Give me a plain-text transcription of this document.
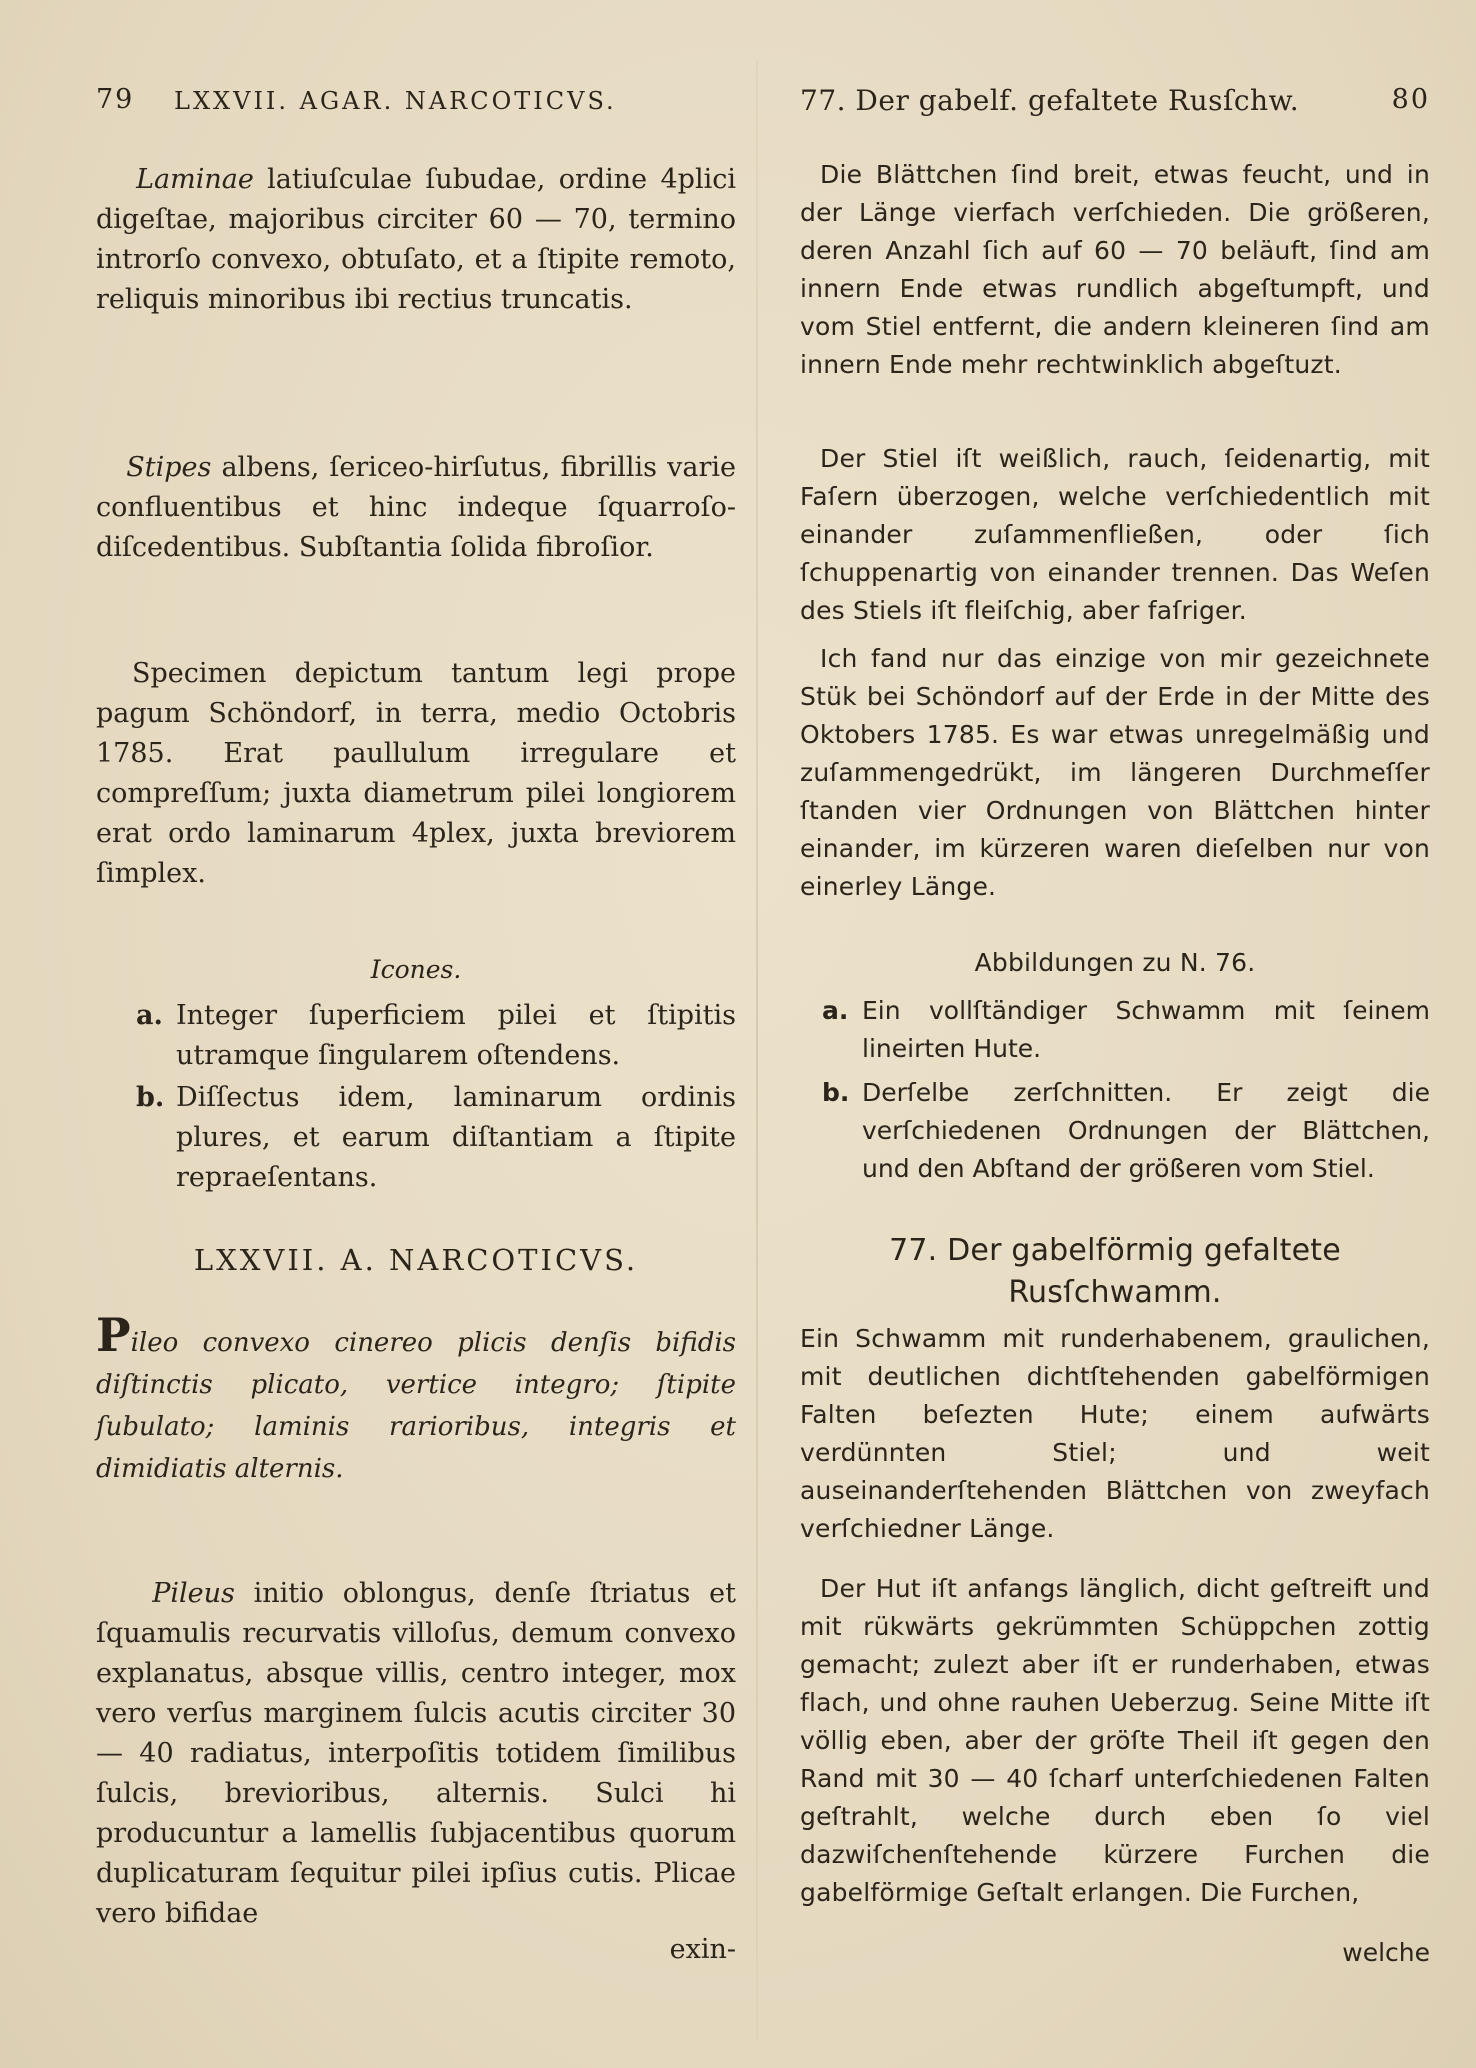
79 LXXVII. AGAR. NARCOTICVS.

Laminae latiuſculae ſubudae, ordine 4plici digeſtae, majoribus circiter 60 — 70, termino introrſo convexo, obtuſato, et a ſtipite remoto, reliquis minoribus ibi rectius truncatis.

Stipes albens, ſericeo-hirſutus, fibrillis varie confluentibus et hinc indeque ſquarroſo-diſcedentibus. Subſtantia ſolida fibroſior.

Specimen depictum tantum legi prope pagum Schöndorf, in terra, medio Octobris 1785. Erat paullulum irregulare et compreſſum; juxta diametrum pilei longiorem erat ordo laminarum 4plex, juxta breviorem ſimplex.

Icones.
a. Integer ſuperficiem pilei et ſtipitis utramque ſingularem oſtendens.
b. Diſſectus idem, laminarum ordinis plures, et earum diſtantiam a ſtipite repraeſentans.
LXXVII. A. NARCOTICVS.

Pileo convexo cinereo plicis denſis bifidis diſtinctis plicato, vertice integro; ſtipite ſubulato; laminis rarioribus, integris et dimidiatis alternis.

Pileus initio oblongus, denſe ſtriatus et ſquamulis recurvatis villoſus, demum convexo explanatus, absque villis, centro integer, mox vero verſus marginem ſulcis acutis circiter 30 — 40 radiatus, interpoſitis totidem ſimilibus ſulcis, brevioribus, alternis. Sulci hi producuntur a lamellis ſubjacentibus quorum duplicaturam ſequitur pilei ipſius cutis. Plicae vero bifidae

exin-
77. Der gabelf. gefaltete Rusſchw.	80

Die Blättchen ſind breit, etwas feucht, und in der Länge vierfach verſchieden. Die größeren, deren Anzahl ſich auf 60 — 70 beläuft, ſind am innern Ende etwas rundlich abgeſtumpft, und vom Stiel entfernt, die andern kleineren ſind am innern Ende mehr rechtwinklich abgeſtuzt.

Der Stiel iſt weißlich, rauch, ſeidenartig, mit Faſern überzogen, welche verſchiedentlich mit einander zuſammenfließen, oder ſich ſchuppenartig von einander trennen. Das Weſen des Stiels iſt fleiſchig, aber faſriger.

Ich fand nur das einzige von mir gezeichnete Stük bei Schöndorf auf der Erde in der Mitte des Oktobers 1785. Es war etwas unregelmäßig und zuſammengedrükt, im längeren Durchmeſſer ſtanden vier Ordnungen von Blättchen hinter einander, im kürzeren waren dieſelben nur von einerley Länge.

Abbildungen zu N. 76.
a. Ein vollſtändiger Schwamm mit ſeinem lineirten Hute.
b. Derſelbe zerſchnitten. Er zeigt die verſchiedenen Ordnungen der Blättchen, und den Abſtand der größeren vom Stiel.
77. Der gabelförmig gefaltete Rusſchwamm.

Ein Schwamm mit runderhabenem, graulichen, mit deutlichen dichtſtehenden gabelförmigen Falten beſezten Hute; einem aufwärts verdünnten Stiel; und weit auseinanderſtehenden Blättchen von zweyfach verſchiedner Länge.

Der Hut iſt anfangs länglich, dicht geſtreift und mit rükwärts gekrümmten Schüppchen zottig gemacht; zulezt aber iſt er runderhaben, etwas flach, und ohne rauhen Ueberzug. Seine Mitte iſt völlig eben, aber der gröſte Theil iſt gegen den Rand mit 30 — 40 ſcharf unterſchiedenen Falten geſtrahlt, welche durch eben ſo viel dazwiſchenſtehende kürzere Furchen die gabelförmige Geſtalt erlangen. Die Furchen,

welche
